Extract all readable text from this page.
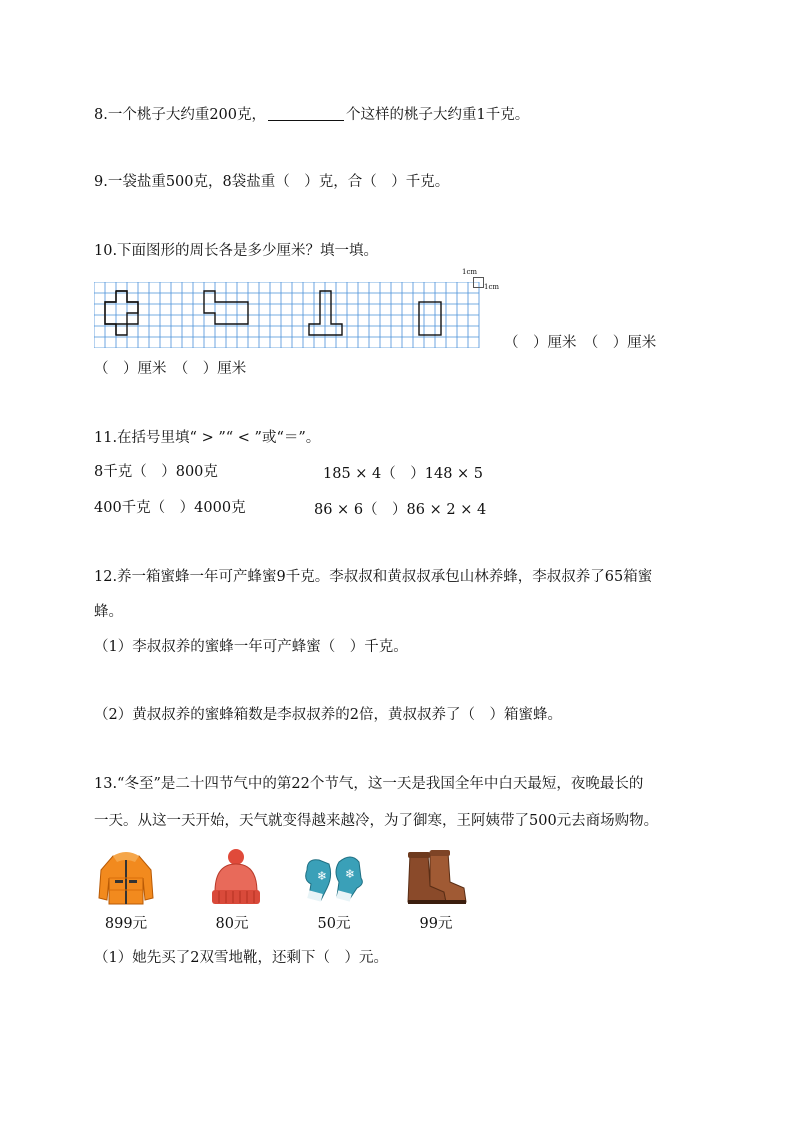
8.一个桃子大约重200克，	个这样的桃子大约重1千克。
9.一袋盐重500克，8袋盐重（　）克，合（　）千克。
10.下面图形的周长各是多少厘米？填一填。
1cm
1cm
（　）厘米　（　）厘米
（　）厘米　（　）厘米
11.在括号里填“ > ”“ < ”或“＝”。
8千克（　）800克	185 × 4（　）148 × 5
400千克（　）4000克	86 × 6（　）86 × 2 × 4
12.养一箱蜜蜂一年可产蜂蜜9千克。李叔叔和黄叔叔承包山林养蜂，李叔叔养了65箱蜜
蜂。
（1）李叔叔养的蜜蜂一年可产蜂蜜（　）千克。
（2）黄叔叔养的蜜蜂箱数是李叔叔养的2倍，黄叔叔养了（　）箱蜜蜂。
13.“冬至”是二十四节气中的第22个节气，这一天是我国全年中白天最短，夜晚最长的
一天。从这一天开始，天气就变得越来越冷，为了御寒，王阿姨带了500元去商场购物。
❄ ❄
899元	80元	50元	99元
（1）她先买了2双雪地靴，还剩下（　）元。
